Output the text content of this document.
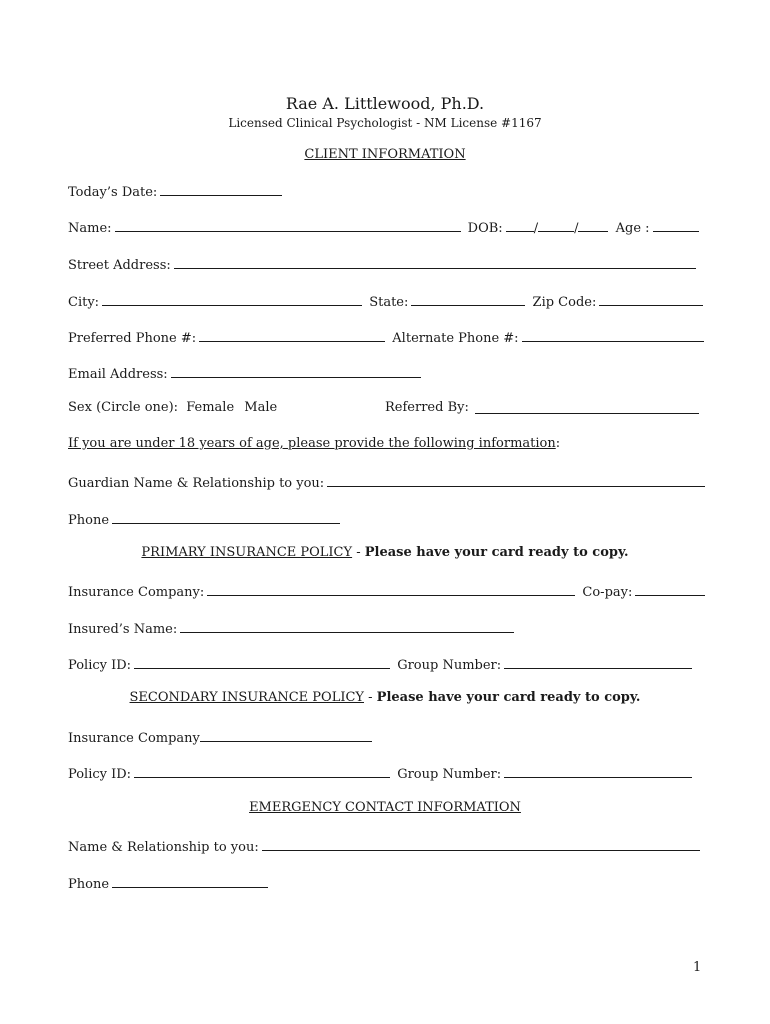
Rae A. Littlewood, Ph.D.
Licensed Clinical Psychologist - NM License #1167
CLIENT INFORMATION
Today’s Date:
Name:	DOB: /	/	Age :
Street Address:
City:	State:	Zip Code:
Preferred Phone #:	Alternate Phone #:
Email Address:
Sex (Circle one): Female Male	Referred By:
If you are under 18 years of age, please provide the following information:
Guardian Name & Relationship to you:
Phone
PRIMARY INSURANCE POLICY - Please have your card ready to copy.
Insurance Company:	Co-pay:
Insured’s Name:
Policy ID:	Group Number:
SECONDARY INSURANCE POLICY - Please have your card ready to copy.
Insurance Company
Policy ID:	Group Number:
EMERGENCY CONTACT INFORMATION
Name & Relationship to you:
Phone
1
